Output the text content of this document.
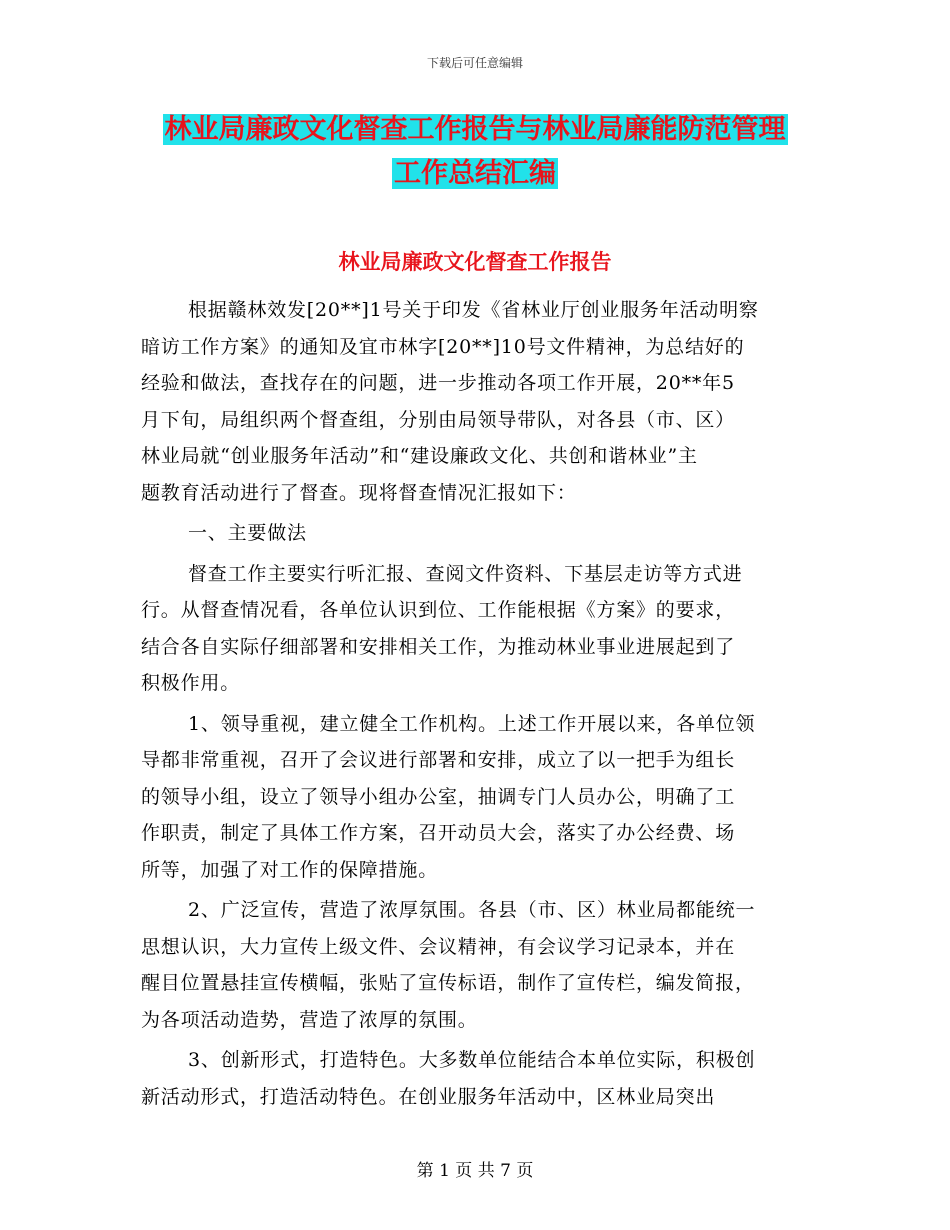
下载后可任意编辑
林业局廉政文化督查工作报告与林业局廉能防范管理
工作总结汇编
林业局廉政文化督查工作报告
根据赣林效发[20**]1号关于印发《省林业厅创业服务年活动明察
暗访工作方案》的通知及宜市林字[20**]10号文件精神，为总结好的
经验和做法，查找存在的问题，进一步推动各项工作开展，20**年5
月下旬，局组织两个督查组，分别由局领导带队，对各县（市、区）
林业局就“创业服务年活动”和“建设廉政文化、共创和谐林业”主
题教育活动进行了督查。现将督查情况汇报如下：
一、主要做法
督查工作主要实行听汇报、查阅文件资料、下基层走访等方式进
行。从督查情况看，各单位认识到位、工作能根据《方案》的要求，
结合各自实际仔细部署和安排相关工作，为推动林业事业进展起到了
积极作用。
1、领导重视，建立健全工作机构。上述工作开展以来，各单位领
导都非常重视，召开了会议进行部署和安排，成立了以一把手为组长
的领导小组，设立了领导小组办公室，抽调专门人员办公，明确了工
作职责，制定了具体工作方案，召开动员大会，落实了办公经费、场
所等，加强了对工作的保障措施。
2、广泛宣传，营造了浓厚氛围。各县（市、区）林业局都能统一
思想认识，大力宣传上级文件、会议精神，有会议学习记录本，并在
醒目位置悬挂宣传横幅，张贴了宣传标语，制作了宣传栏，编发简报，
为各项活动造势，营造了浓厚的氛围。
3、创新形式，打造特色。大多数单位能结合本单位实际，积极创
新活动形式，打造活动特色。在创业服务年活动中，区林业局突出
第 1 页 共 7 页
